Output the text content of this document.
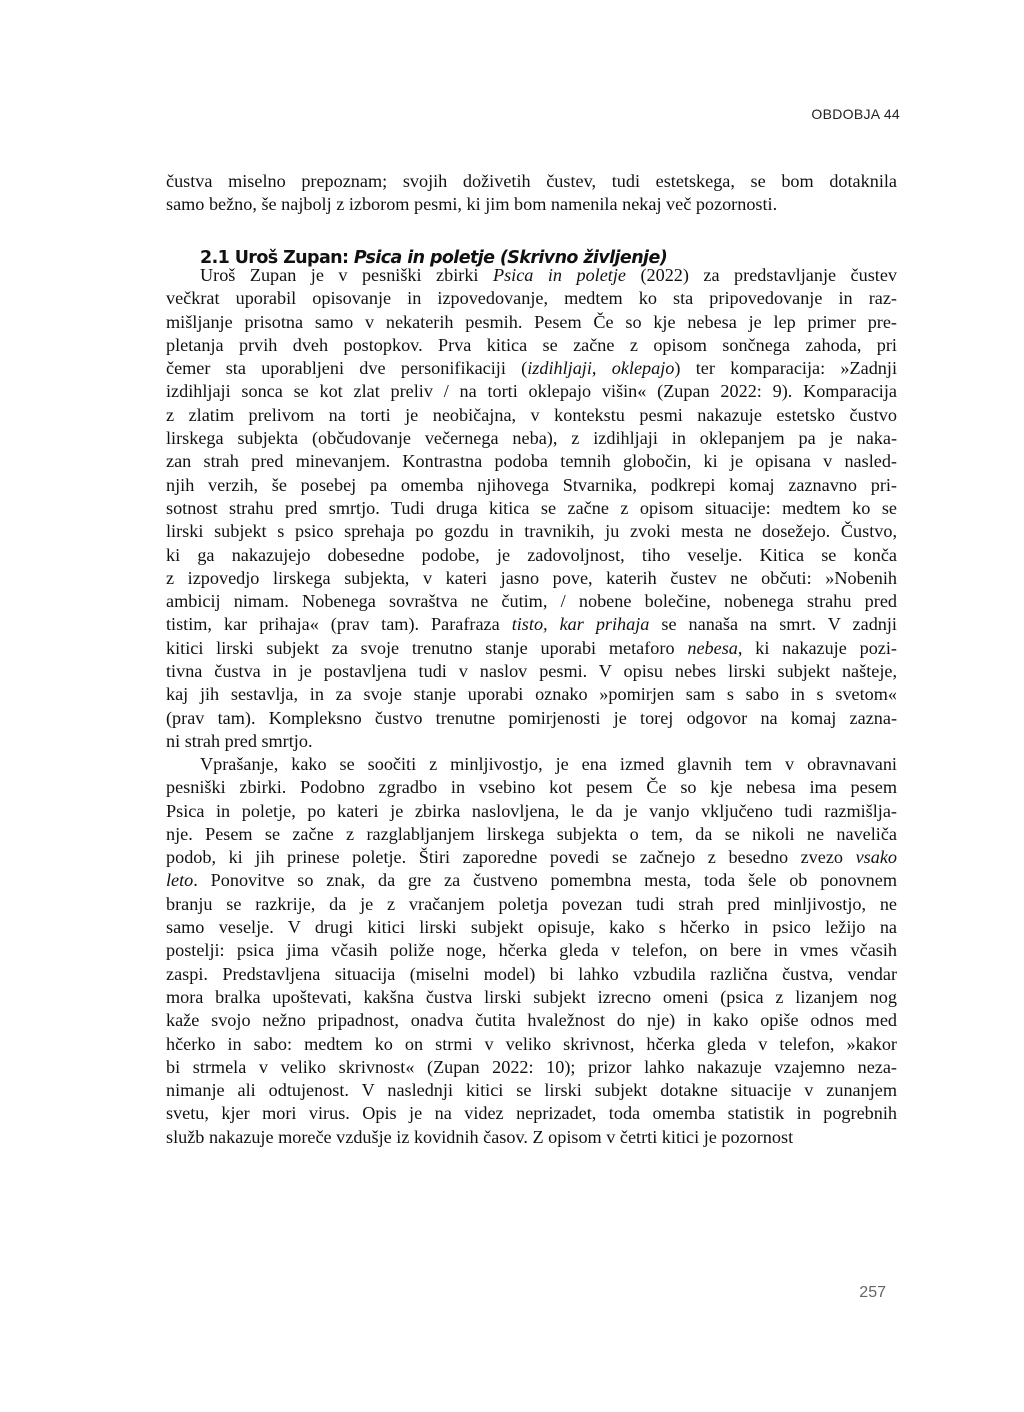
OBDOBJA 44
čustva miselno prepoznam; svojih doživetih čustev, tudi estetskega, se bom dotaknila
samo bežno, še najbolj z izborom pesmi, ki jim bom namenila nekaj več pozornosti.
2.1 Uroš Zupan: Psica in poletje (Skrivno življenje)
Uroš Zupan je v pesniški zbirki Psica in poletje (2022) za predstavljanje čustev
večkrat uporabil opisovanje in izpovedovanje, medtem ko sta pripovedovanje in raz-
mišljanje prisotna samo v nekaterih pesmih. Pesem Če so kje nebesa je lep primer pre-
pletanja prvih dveh postopkov. Prva kitica se začne z opisom sončnega zahoda, pri
čemer sta uporabljeni dve personifikaciji (izdihljaji, oklepajo) ter komparacija: »Zadnji
izdihljaji sonca se kot zlat preliv / na torti oklepajo višin« (Zupan 2022: 9). Komparacija
z zlatim prelivom na torti je neobičajna, v kontekstu pesmi nakazuje estetsko čustvo
lirskega subjekta (občudovanje večernega neba), z izdihljaji in oklepanjem pa je naka-
zan strah pred minevanjem. Kontrastna podoba temnih globočin, ki je opisana v nasled-
njih verzih, še posebej pa omemba njihovega Stvarnika, podkrepi komaj zaznavno pri-
sotnost strahu pred smrtjo. Tudi druga kitica se začne z opisom situacije: medtem ko se
lirski subjekt s psico sprehaja po gozdu in travnikih, ju zvoki mesta ne dosežejo. Čustvo,
ki ga nakazujejo dobesedne podobe, je zadovoljnost, tiho veselje. Kitica se konča
z izpovedjo lirskega subjekta, v kateri jasno pove, katerih čustev ne občuti: »Nobenih
ambicij nimam. Nobenega sovraštva ne čutim, / nobene bolečine, nobenega strahu pred
tistim, kar prihaja« (prav tam). Parafraza tisto, kar prihaja se nanaša na smrt. V zadnji
kitici lirski subjekt za svoje trenutno stanje uporabi metaforo nebesa, ki nakazuje pozi-
tivna čustva in je postavljena tudi v naslov pesmi. V opisu nebes lirski subjekt našteje,
kaj jih sestavlja, in za svoje stanje uporabi oznako »pomirjen sam s sabo in s svetom«
(prav tam). Kompleksno čustvo trenutne pomirjenosti je torej odgovor na komaj zazna-
ni strah pred smrtjo.
Vprašanje, kako se soočiti z minljivostjo, je ena izmed glavnih tem v obravnavani
pesniški zbirki. Podobno zgradbo in vsebino kot pesem Če so kje nebesa ima pesem
Psica in poletje, po kateri je zbirka naslovljena, le da je vanjo vključeno tudi razmišlja-
nje. Pesem se začne z razglabljanjem lirskega subjekta o tem, da se nikoli ne naveliča
podob, ki jih prinese poletje. Štiri zaporedne povedi se začnejo z besedno zvezo vsako
leto. Ponovitve so znak, da gre za čustveno pomembna mesta, toda šele ob ponovnem
branju se razkrije, da je z vračanjem poletja povezan tudi strah pred minljivostjo, ne
samo veselje. V drugi kitici lirski subjekt opisuje, kako s hčerko in psico ležijo na
postelji: psica jima včasih poliže noge, hčerka gleda v telefon, on bere in vmes včasih
zaspi. Predstavljena situacija (miselni model) bi lahko vzbudila različna čustva, vendar
mora bralka upoštevati, kakšna čustva lirski subjekt izrecno omeni (psica z lizanjem nog
kaže svojo nežno pripadnost, onadva čutita hvaležnost do nje) in kako opiše odnos med
hčerko in sabo: medtem ko on strmi v veliko skrivnost, hčerka gleda v telefon, »kakor
bi strmela v veliko skrivnost« (Zupan 2022: 10); prizor lahko nakazuje vzajemno neza-
nimanje ali odtujenost. V naslednji kitici se lirski subjekt dotakne situacije v zunanjem
svetu, kjer mori virus. Opis je na videz neprizadet, toda omemba statistik in pogrebnih
služb nakazuje moreče vzdušje iz kovidnih časov. Z opisom v četrti kitici je pozornost
257
